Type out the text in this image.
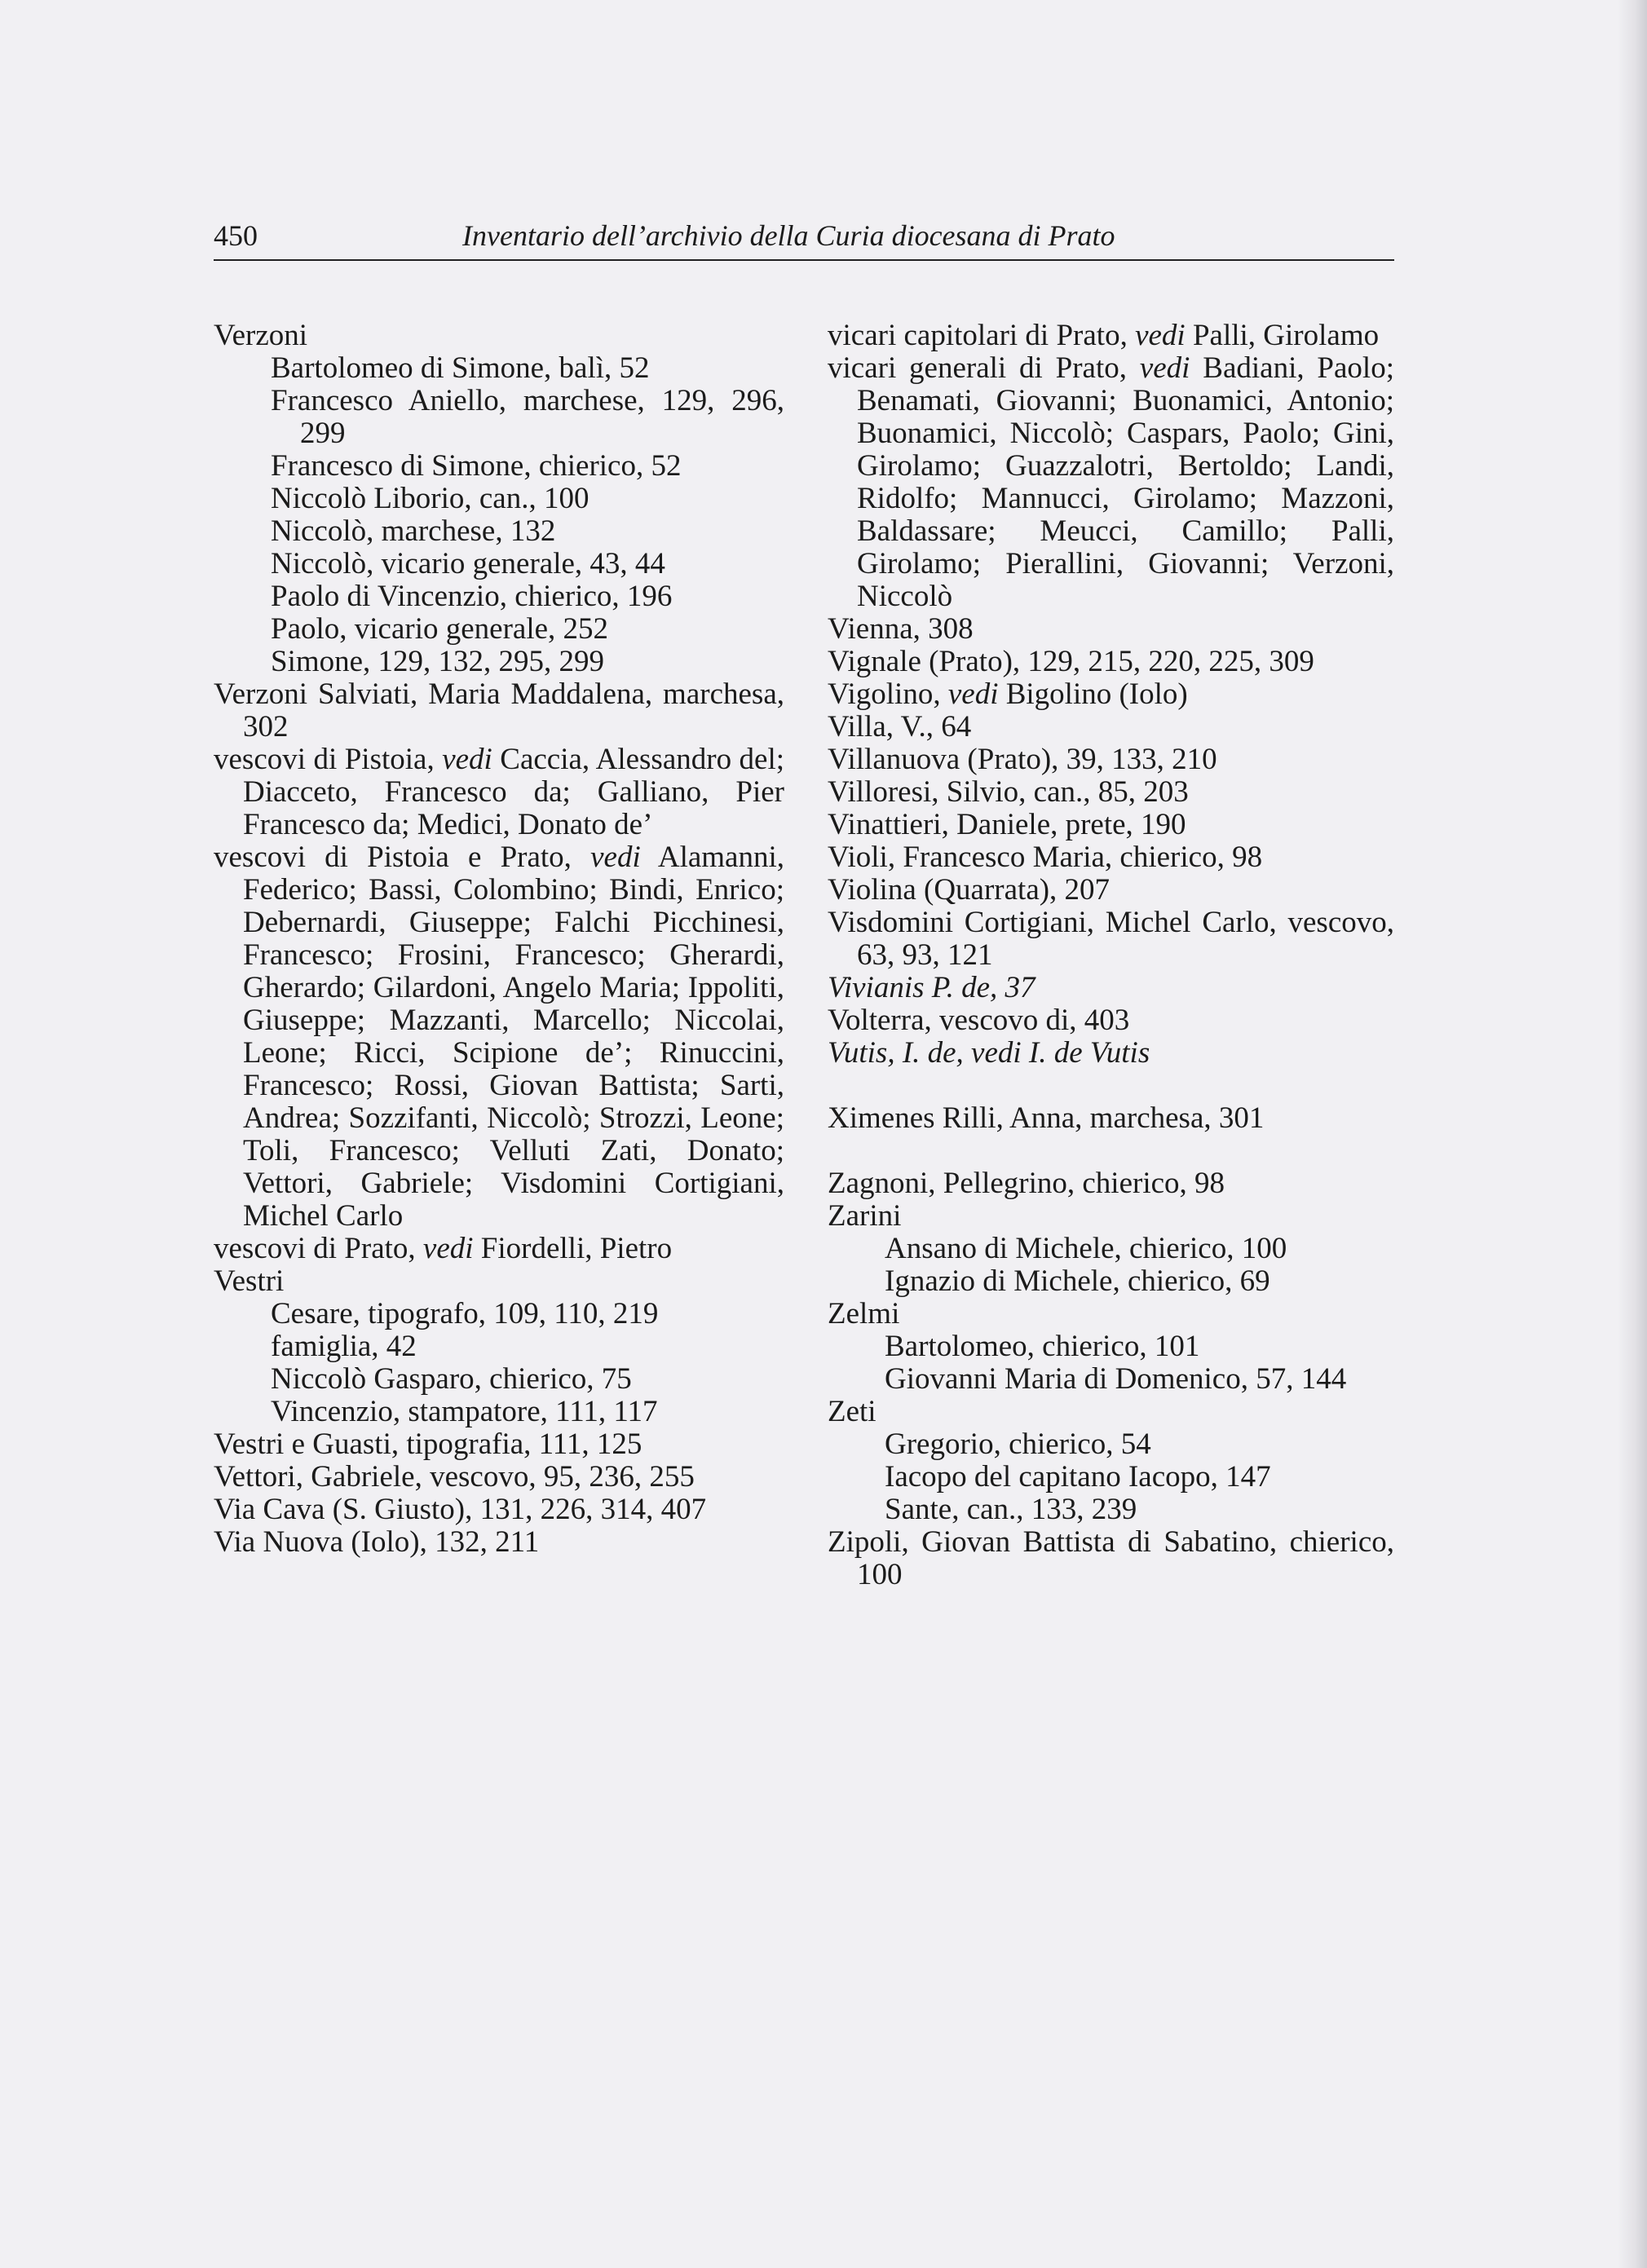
450	Inventario dell’archivio della Curia diocesana di Prato

Verzoni

Bartolomeo di Simone, balì, 52

Francesco Aniello, marchese, 129, 296, 299

Francesco di Simone, chierico, 52

Niccolò Liborio, can., 100

Niccolò, marchese, 132

Niccolò, vicario generale, 43, 44

Paolo di Vincenzio, chierico, 196

Paolo, vicario generale, 252

Simone, 129, 132, 295, 299

Verzoni Salviati, Maria Maddalena, marchesa, 302

vescovi di Pistoia, vedi Caccia, Alessandro del; Diacceto, Francesco da; Galliano, Pier Francesco da; Medici, Donato de’

vescovi di Pistoia e Prato, vedi Alamanni, Federico; Bassi, Colombino; Bindi, Enrico; Debernardi, Giuseppe; Falchi Picchinesi, Francesco; Frosini, Francesco; Gherardi, Gherardo; Gilardoni, Angelo Maria; Ippoliti, Giuseppe; Mazzanti, Marcello; Niccolai, Leone; Ricci, Scipione de’; Rinuccini, Francesco; Rossi, Giovan Battista; Sarti, Andrea; Sozzifanti, Niccolò; Strozzi, Leone; Toli, Francesco; Velluti Zati, Donato; Vettori, Gabriele; Visdomini Cortigiani, Michel Carlo

vescovi di Prato, vedi Fiordelli, Pietro

Vestri

Cesare, tipografo, 109, 110, 219

famiglia, 42

Niccolò Gasparo, chierico, 75

Vincenzio, stampatore, 111, 117

Vestri e Guasti, tipografia, 111, 125

Vettori, Gabriele, vescovo, 95, 236, 255

Via Cava (S. Giusto), 131, 226, 314, 407

Via Nuova (Iolo), 132, 211

vicari capitolari di Prato, vedi Palli, Girolamo

vicari generali di Prato, vedi Badiani, Paolo; Benamati, Giovanni; Buonamici, Antonio; Buonamici, Niccolò; Caspars, Paolo; Gini, Girolamo; Guazzalotri, Bertoldo; Landi, Ridolfo; Mannucci, Girolamo; Mazzoni, Baldassare; Meucci, Camillo; Palli, Girolamo; Pierallini, Giovanni; Verzoni, Niccolò

Vienna, 308

Vignale (Prato), 129, 215, 220, 225, 309

Vigolino, vedi Bigolino (Iolo)

Villa, V., 64

Villanuova (Prato), 39, 133, 210

Villoresi, Silvio, can., 85, 203

Vinattieri, Daniele, prete, 190

Violi, Francesco Maria, chierico, 98

Violina (Quarrata), 207

Visdomini Cortigiani, Michel Carlo, vescovo, 63, 93, 121

Vivianis P. de, 37

Volterra, vescovo di, 403

Vutis, I. de, vedi I. de Vutis

Ximenes Rilli, Anna, marchesa, 301

Zagnoni, Pellegrino, chierico, 98

Zarini

Ansano di Michele, chierico, 100

Ignazio di Michele, chierico, 69

Zelmi

Bartolomeo, chierico, 101

Giovanni Maria di Domenico, 57, 144

Zeti

Gregorio, chierico, 54

Iacopo del capitano Iacopo, 147

Sante, can., 133, 239

Zipoli, Giovan Battista di Sabatino, chierico, 100
